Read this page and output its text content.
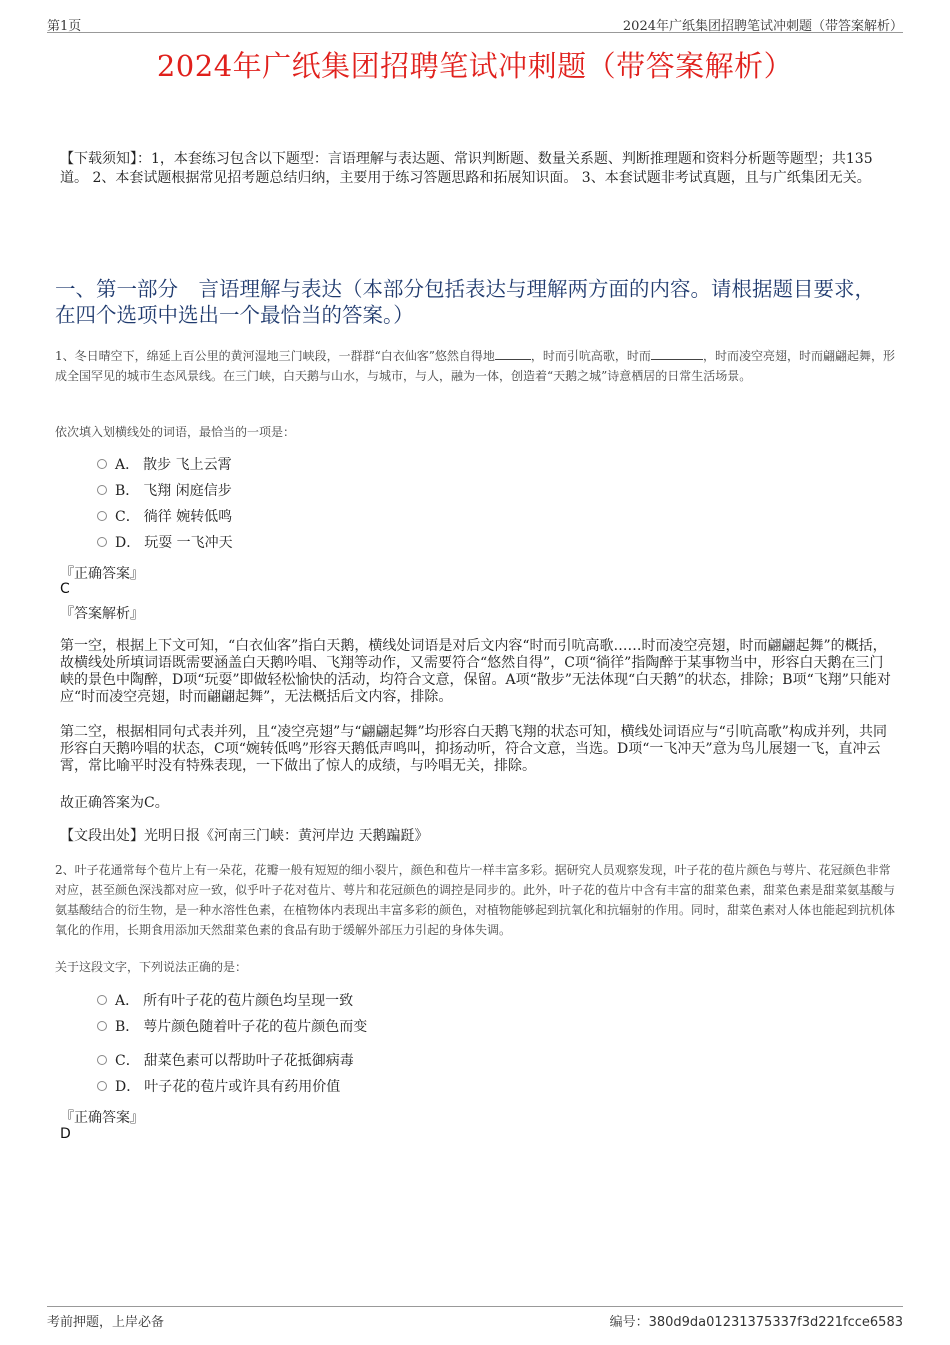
第1页	2024年广纸集团招聘笔试冲刺题（带答案解析）
2024年广纸集团招聘笔试冲刺题（带答案解析）
【下载须知】：1，本套练习包含以下题型：言语理解与表达题、常识判断题、数量关系题、判断推理题和资料分析题等题型；共135道。 2、本套试题根据常见招考题总结归纳，主要用于练习答题思路和拓展知识面。 3、本套试题非考试真题，且与广纸集团无关。
一、第一部分　言语理解与表达（本部分包括表达与理解两方面的内容。请根据题目要求，在四个选项中选出一个最恰当的答案。）
1、冬日晴空下，绵延上百公里的黄河湿地三门峡段，一群群“白衣仙客”悠然自得地	，时而引吭高歌，时而	，时而凌空亮翅，时而翩翩起舞，形成全国罕见的城市生态风景线。在三门峡，白天鹅与山水，与城市，与人，融为一体，创造着“天鹅之城”诗意栖居的日常生活场景。
依次填入划横线处的词语，最恰当的一项是：
A． 散步 飞上云霄
B． 飞翔 闲庭信步
C． 徜徉 婉转低鸣
D． 玩耍 一飞冲天
『正确答案』
C
『答案解析』
第一空，根据上下文可知，“白衣仙客”指白天鹅，横线处词语是对后文内容“时而引吭高歌……时而凌空亮翅，时而翩翩起舞”的概括，故横线处所填词语既需要涵盖白天鹅吟唱、飞翔等动作，又需要符合“悠然自得”，C项“徜徉”指陶醉于某事物当中，形容白天鹅在三门峡的景色中陶醉，D项“玩耍”即做轻松愉快的活动，均符合文意，保留。A项“散步”无法体现“白天鹅”的状态，排除；B项“飞翔”只能对应“时而凌空亮翅，时而翩翩起舞”，无法概括后文内容，排除。
第二空，根据相同句式表并列，且“凌空亮翅”与“翩翩起舞”均形容白天鹅飞翔的状态可知，横线处词语应与“引吭高歌”构成并列，共同形容白天鹅吟唱的状态，C项“婉转低鸣”形容天鹅低声鸣叫，抑扬动听，符合文意，当选。D项“一飞冲天”意为鸟儿展翅一飞，直冲云霄，常比喻平时没有特殊表现，一下做出了惊人的成绩，与吟唱无关，排除。
故正确答案为C。
【文段出处】光明日报《河南三门峡：黄河岸边 天鹅蹁跹》
2、叶子花通常每个苞片上有一朵花，花瓣一般有短短的细小裂片，颜色和苞片一样丰富多彩。据研究人员观察发现，叶子花的苞片颜色与萼片、花冠颜色非常对应，甚至颜色深浅都对应一致，似乎叶子花对苞片、萼片和花冠颜色的调控是同步的。此外，叶子花的苞片中含有丰富的甜菜色素，甜菜色素是甜菜氨基酸与氨基酸结合的衍生物，是一种水溶性色素，在植物体内表现出丰富多彩的颜色，对植物能够起到抗氧化和抗辐射的作用。同时，甜菜色素对人体也能起到抗机体氧化的作用，长期食用添加天然甜菜色素的食品有助于缓解外部压力引起的身体失调。
关于这段文字，下列说法正确的是：
A． 所有叶子花的苞片颜色均呈现一致
B． 萼片颜色随着叶子花的苞片颜色而变
C． 甜菜色素可以帮助叶子花抵御病毒
D． 叶子花的苞片或许具有药用价值
『正确答案』
D
考前押题，上岸必备	编号：380d9da01231375337f3d221fcce6583
